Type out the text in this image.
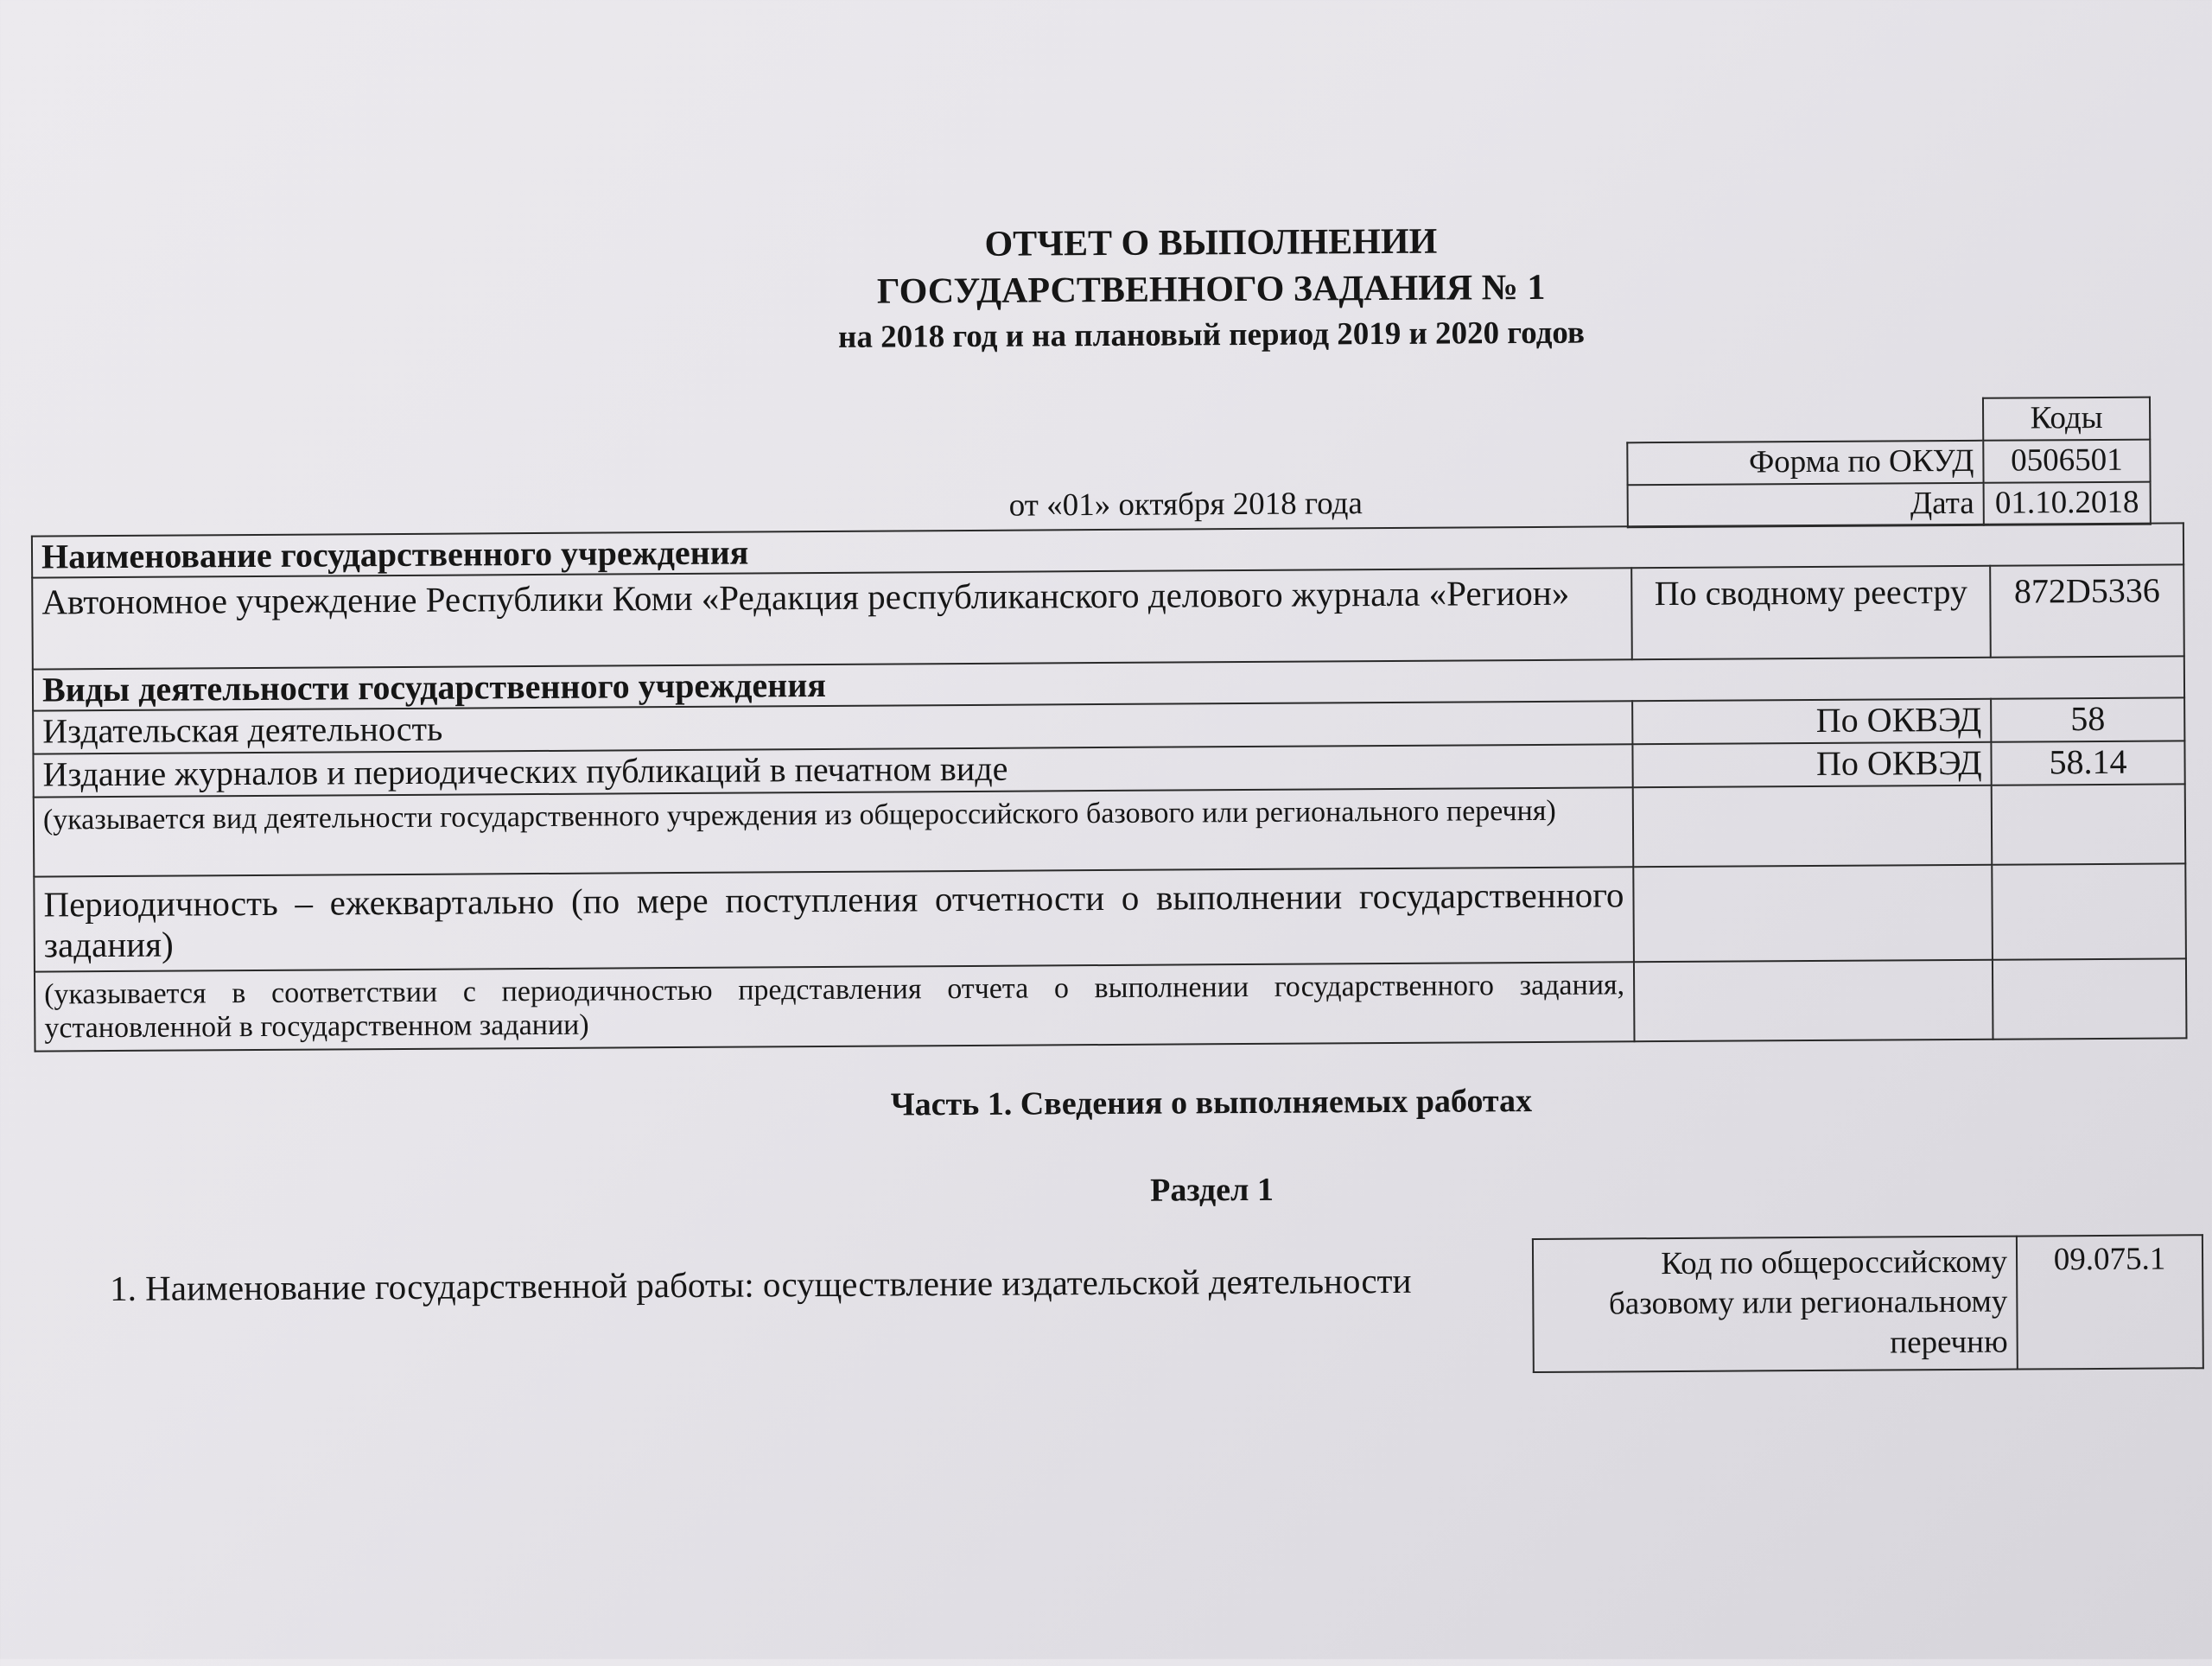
ОТЧЕТ О ВЫПОЛНЕНИИ
ГОСУДАРСТВЕННОГО ЗАДАНИЯ № 1
на 2018 год и на плановый период 2019 и 2020 годов
	Коды
Форма по ОКУД	0506501
Дата	01.10.2018
от «01» октября 2018 года
Наименование государственного учреждения		
Автономное учреждение Республики Коми «Редакция республиканского делового журнала «Регион»	По сводному реестру	872D5336
Виды деятельности государственного учреждения		
Издательская деятельность	По ОКВЭД	58
Издание журналов и периодических публикаций в печатном виде	По ОКВЭД	58.14
(указывается вид деятельности государственного учреждения из общероссийского базового или регионального перечня)		
Периодичность – ежеквартально (по мере поступления отчетности о выполнении государственного задания)		
(указывается в соответствии с периодичностью представления отчета о выполнении государственного задания, установленной в государственном задании)		
Часть 1. Сведения о выполняемых работах
Раздел 1
1. Наименование государственной работы: осуществление издательской деятельности	Код по общероссийскому базовому или региональному перечню	09.075.1
